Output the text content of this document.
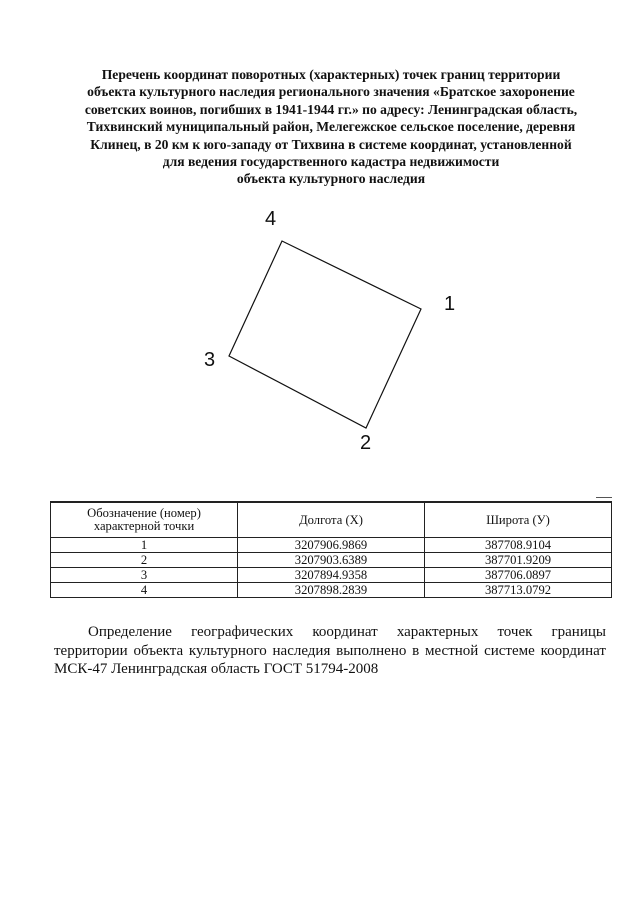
Перечень координат поворотных (характерных) точек границ территории
объекта культурного наследия регионального значения «Братское захоронение
советских воинов, погибших в 1941-1944 гг.» по адресу: Ленинградская область,
Тихвинский муниципальный район, Мелегежское сельское поселение, деревня
Клинец, в 20 км к юго-западу от Тихвина в системе координат, установленной
для ведения государственного кадастра недвижимости
объекта культурного наследия
1
2
3
4
Обозначение (номер) характерной точки	Долгота (X)	Широта (У)
1	3207906.9869	387708.9104
2	3207903.6389	387701.9209
3	3207894.9358	387706.0897
4	3207898.2839	387713.0792
Определение географических координат характерных точек границы
территории объекта культурного наследия выполнено в местной системе координат
МСК-47 Ленинградская область ГОСТ 51794-2008
